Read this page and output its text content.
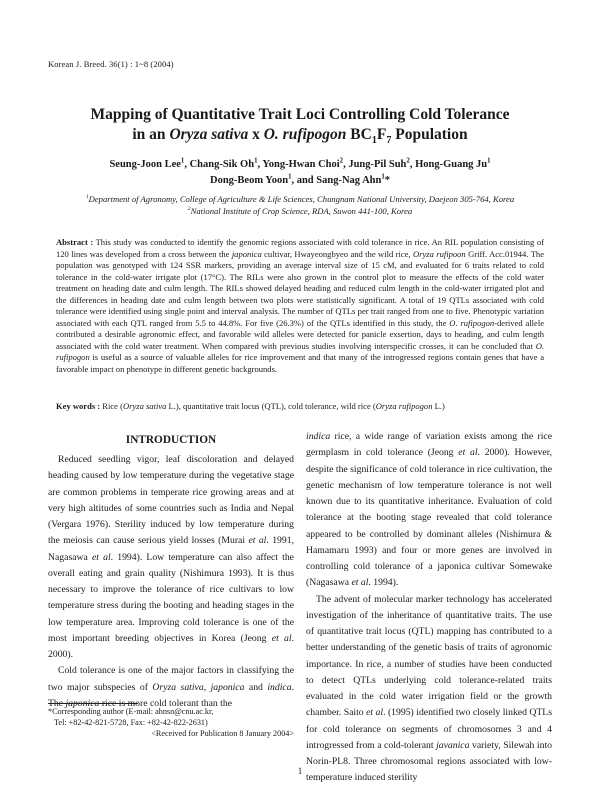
Korean J. Breed. 36(1) : 1~8 (2004)
Mapping of Quantitative Trait Loci Controlling Cold Tolerance
in an Oryza sativa x O. rufipogon $BC_1F_7$ Population
Seung-Joon Lee$^1$, Chang-Sik Oh$^1$, Yong-Hwan Choi$^2$, Jung-Pil Suh$^2$, Hong-Guang Ju$^1$
Dong-Beom Yoon$^1$, and Sang-Nag Ahn$^1$*
$^1$Department of Agronomy, College of Agriculture & Life Sciences, Chungnam National University, Daejeon 305-764, Korea
$^2$National Institute of Crop Science, RDA, Suwon 441-100, Korea
Abstract : This study was conducted to identify the genomic regions associated with cold tolerance in rice. An RIL population consisting of 120 lines was developed from a cross between the japonica cultivar, Hwayeongbyeo and the wild rice, Oryza rufipoon Griff. Acc.01944. The population was genotyped with 124 SSR markers, providing an average interval size of 15 cM, and evaluated for 6 traits related to cold tolerance in the cold-water irrigate plot (17°C). The RILs were also grown in the control plot to measure the effects of the cold water treatment on heading date and culm length. The RILs showed delayed heading and reduced culm length in the cold-water irrigated plot and the differences in heading date and culm length between two plots were statistically significant. A total of 19 QTLs associated with cold tolerance were identified using single point and interval analysis. The number of QTLs per trait ranged from one to five. Phenotypic variation associated with each QTL ranged from 5.5 to 44.8%. For five (26.3%) of the QTLs identified in this study, the O. rufipogon-derived allele contributed a desirable agronomic effect, and favorable wild alleles were detected for panicle exsertion, days to heading, and culm length associated with the cold water treatment. When compared with previous studies involving interspecific crosses, it can be concluded that O. rufipogon is useful as a source of valuable alleles for rice improvement and that many of the introgressed regions contain genes that have a favorable impact on phenotype in different genetic backgrounds.
Key words : Rice (Oryza sativa L.), quantitative trait locus (QTL), cold tolerance, wild rice (Oryza rufipogon L.)
INTRODUCTION

Reduced seedling vigor, leaf discoloration and delayed heading caused by low temperature during the vegetative stage are common problems in temperate rice growing areas and at very high altitudes of some countries such as India and Nepal (Vergara 1976). Sterility induced by low temperature during the meiosis can cause serious yield losses (Murai et al. 1991, Nagasawa et al. 1994). Low temperature can also affect the overall eating and grain quality (Nishimura 1993). It is thus necessary to improve the tolerance of rice cultivars to low temperature stress during the booting and heading stages in the low temperature area. Improving cold tolerance is one of the most important breeding objectives in Korea (Jeong et al. 2000).

Cold tolerance is one of the major factors in classifying the two major subspecies of Oryza sativa, japonica and indica. The japonica rice is more cold tolerant than the

indica rice, a wide range of variation exists among the rice germplasm in cold tolerance (Jeong et al. 2000). However, despite the significance of cold tolerance in rice cultivation, the genetic mechanism of low temperature tolerance is not well known due to its quantitative inheritance. Evaluation of cold tolerance at the booting stage revealed that cold tolerance appeared to be controlled by dominant alleles (Nishimura & Hamamaru 1993) and four or more genes are involved in controlling cold tolerance of a japonica cultivar Somewake (Nagasawa et al. 1994).

The advent of molecular marker technology has accelerated investigation of the inheritance of quantitative traits. The use of quantitative trait locus (QTL) mapping has contributed to a better understanding of the genetic basis of traits of agronomic importance. In rice, a number of studies have been conducted to detect QTLs underlying cold tolerance-related traits evaluated in the cold water irrigation field or the growth chamber. Saito et al. (1995) identified two closely linked QTLs for cold tolerance on segments of chromosomes 3 and 4 introgressed from a cold-tolerant javanica variety, Silewah into Norin-PL8. Three chromosomal regions associated with low-temperature induced sterility

*Corresponding author (E-mail: ahnsn@cnu.ac.kr,
Tel: +82-42-821-5728, Fax: +82-42-822-2631)
<Received for Publication 8 January 2004>
1
